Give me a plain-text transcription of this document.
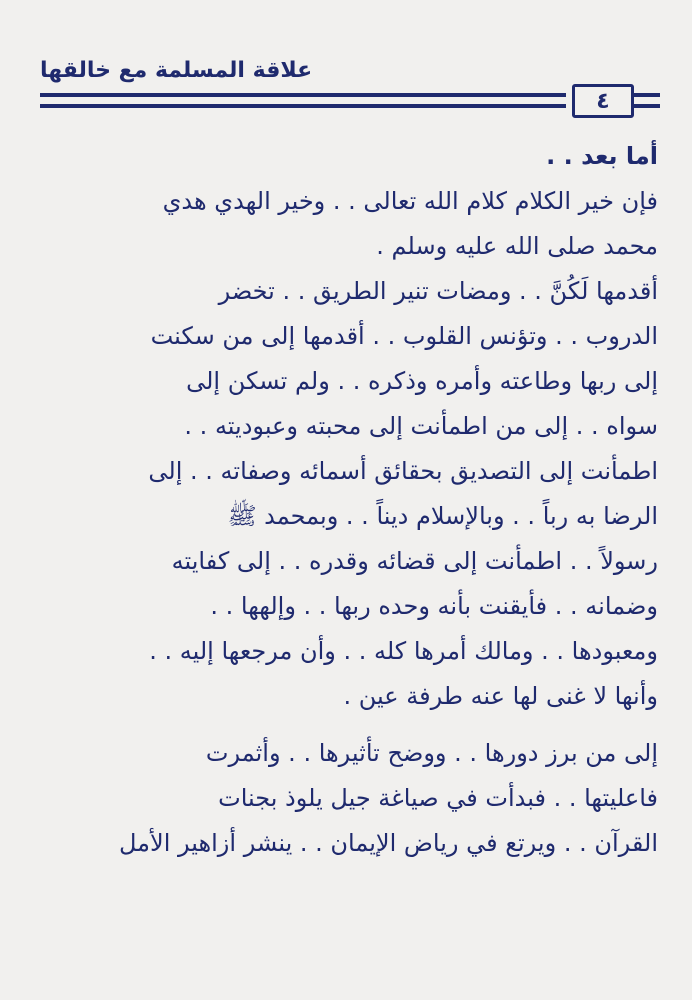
علاقة المسلمة مع خالقها
٤
أما بعد . .
فإن خير الكلام كلام الله تعالى . . وخير الهدي هدي
محمد صلى الله عليه وسلم .
أقدمها لَكُنَّ . . ومضات تنير الطريق . . تخضر
الدروب . . وتؤنس القلوب . . أقدمها إلى من سكنت
إلى ربها وطاعته وأمره وذكره . . ولم تسكن إلى
سواه . . إلى من اطمأنت إلى محبته وعبوديته . .
اطمأنت إلى التصديق بحقائق أسمائه وصفاته . . إلى
الرضا به رباً . . وبالإسلام ديناً . . وبمحمد ﷺ
رسولاً . . اطمأنت إلى قضائه وقدره . . إلى كفايته
وضمانه . . فأيقنت بأنه وحده ربها . . وإلهها . .
ومعبودها . . ومالك أمرها كله . . وأن مرجعها إليه . .
وأنها لا غنى لها عنه طرفة عين .
إلى من برز دورها . . ووضح تأثيرها . . وأثمرت
فاعليتها . . فبدأت في صياغة جيل يلوذ بجنات
القرآن . . ويرتع في رياض الإيمان . . ينشر أزاهير الأمل
